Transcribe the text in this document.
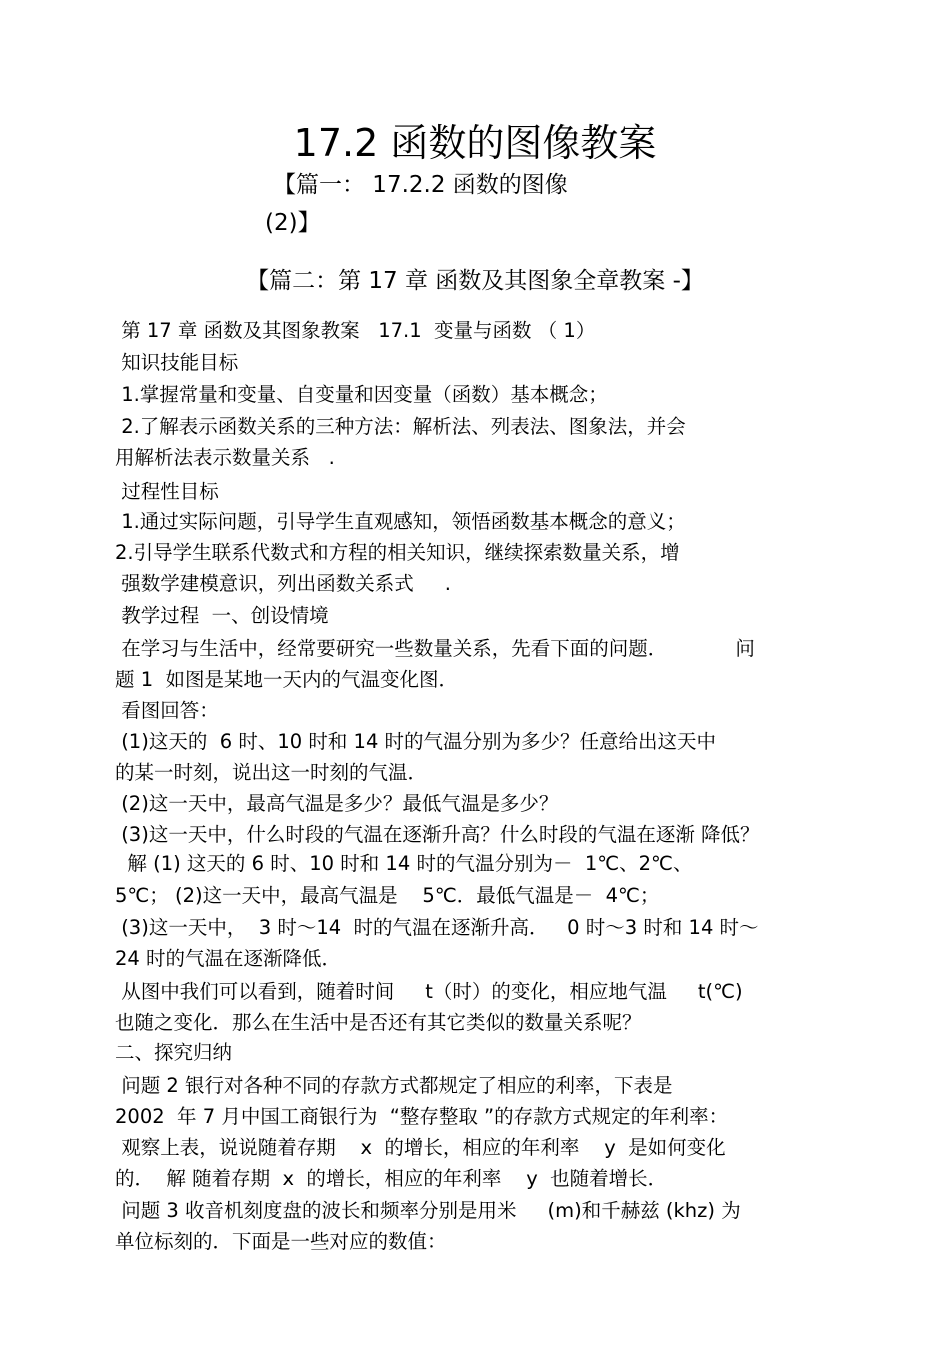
17.2 函数的图像教案
【篇一： 17.2.2 函数的图像
(2)】
【篇二：第 17 章 函数及其图象全章教案 -】
第 17 章 函数及其图象教案   17.1  变量与函数 （ 1）
知识技能目标
1.掌握常量和变量、自变量和因变量（函数）基本概念；
2.了解表示函数关系的三种方法：解析法、列表法、图象法，并会
用解析法表示数量关系   .
过程性目标
1.通过实际问题，引导学生直观感知，领悟函数基本概念的意义；
2.引导学生联系代数式和方程的相关知识，继续探索数量关系，增
强数学建模意识，列出函数关系式     .
教学过程  一、创设情境
在学习与生活中，经常要研究一些数量关系，先看下面的问题．           问
题 1  如图是某地一天内的气温变化图．
看图回答：
(1)这天的  6 时、10 时和 14 时的气温分别为多少？任意给出这天中
的某一时刻，说出这一时刻的气温．
(2)这一天中，最高气温是多少？最低气温是多少？
(3)这一天中，什么时段的气温在逐渐升高？什么时段的气温在逐渐 降低？
解 (1) 这天的 6 时、10 时和 14 时的气温分别为－  1℃、2℃、
5℃； (2)这一天中，最高气温是    5℃．最低气温是－  4℃；
(3)这一天中，  3 时～14  时的气温在逐渐升高．   0 时～3 时和 14 时～
24 时的气温在逐渐降低．
从图中我们可以看到，随着时间     t（时）的变化，相应地气温     t(℃)
也随之变化．那么在生活中是否还有其它类似的数量关系呢？
二、探究归纳
问题 2 银行对各种不同的存款方式都规定了相应的利率，下表是
2002  年 7 月中国工商银行为  “整存整取 ”的存款方式规定的年利率：
观察上表，说说随着存期    x  的增长，相应的年利率    y  是如何变化
的．  解 随着存期  x  的增长，相应的年利率    y  也随着增长．
问题 3 收音机刻度盘的波长和频率分别是用米     (m)和千赫兹 (khz) 为
单位标刻的．下面是一些对应的数值：
